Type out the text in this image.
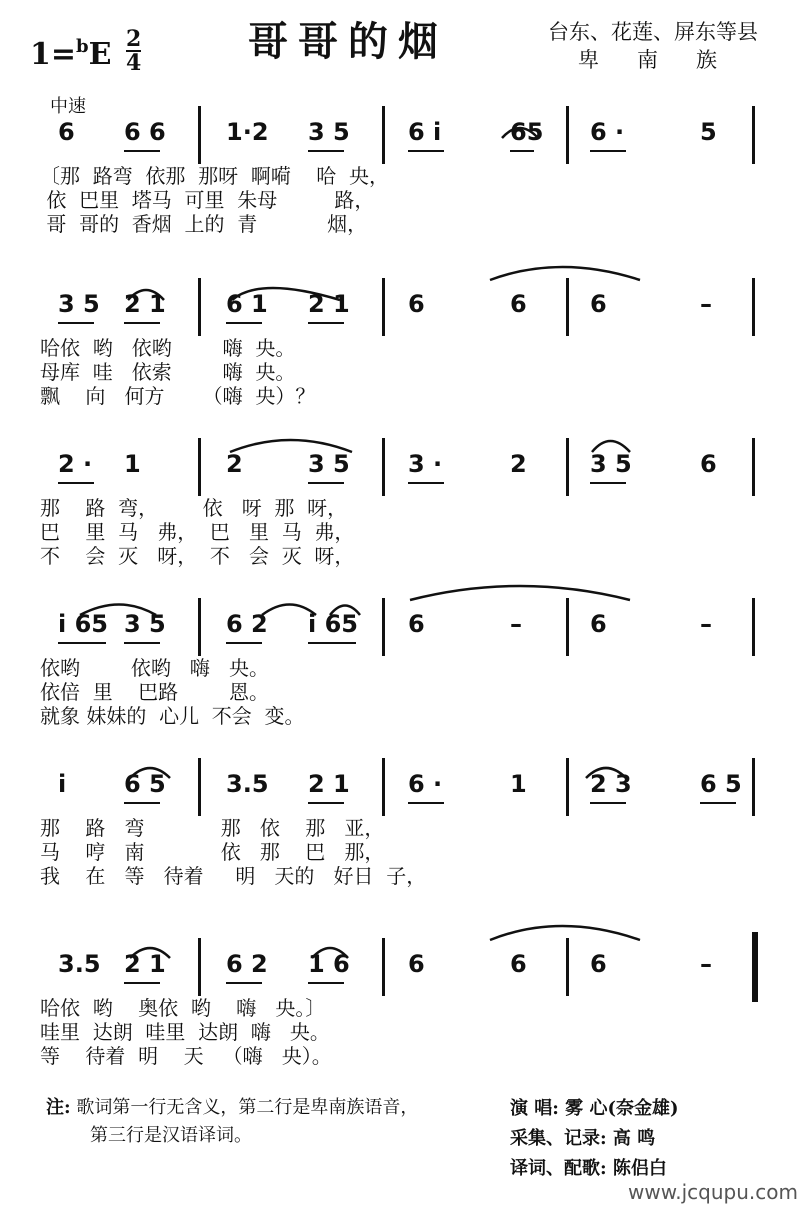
$1=^bE \frac{2}{4}$	哥哥的烟	台东、花莲、屏东等县
卑南族
中速
6 6 6	1·2 3 5 6 i	65 6 ·	5
〔那  路弯  依那  那呀  啊嗬    哈  央，
依  巴里  塔马  可里  朱母         路，
哥  哥的  香烟  上的  青           烟，
3 5 2 1	6 1 2 1 6	6	6	–
哈依  哟   依哟        嗨  央。
母库  哇   依索        嗨  央。
飘    向   何方      （嗨  央）？
2 · 1	2	3 5 3 ·	2	3 5	6
那    路  弯，       依   呀  那  呀，
巴    里  马   弗，  巴   里  马  弗，
不    会  灭   呀，  不   会  灭  呀，
i 65 3 5	6 2 i 65 6	–	6	–
依哟        依哟   嗨   央。
依倍  里    巴路        恩。
就象 妹妹的  心儿  不会  变。
i 6 5	3.5 2 1 6 ·	1	2 3	6 5
那    路   弯            那   依    那   亚，
马    哼   南            依   那    巴   那，
我    在   等   待着     明   天的   好日  子，
3.5 2 1	6 2 1 6 6	6	6	–
哈依  哟    奥依  哟    嗨   央。〕
哇里  达朗  哇里  达朗  嗨   央。
等    待着  明    天   （嗨   央）。
注: 歌词第一行无含义，第二行是卑南族语音，
第三行是汉语译词。
演 唱: 雾 心(奈金雄)
采集、记录: 高 鸣
译词、配歌: 陈侣白
www.jcqupu.com
